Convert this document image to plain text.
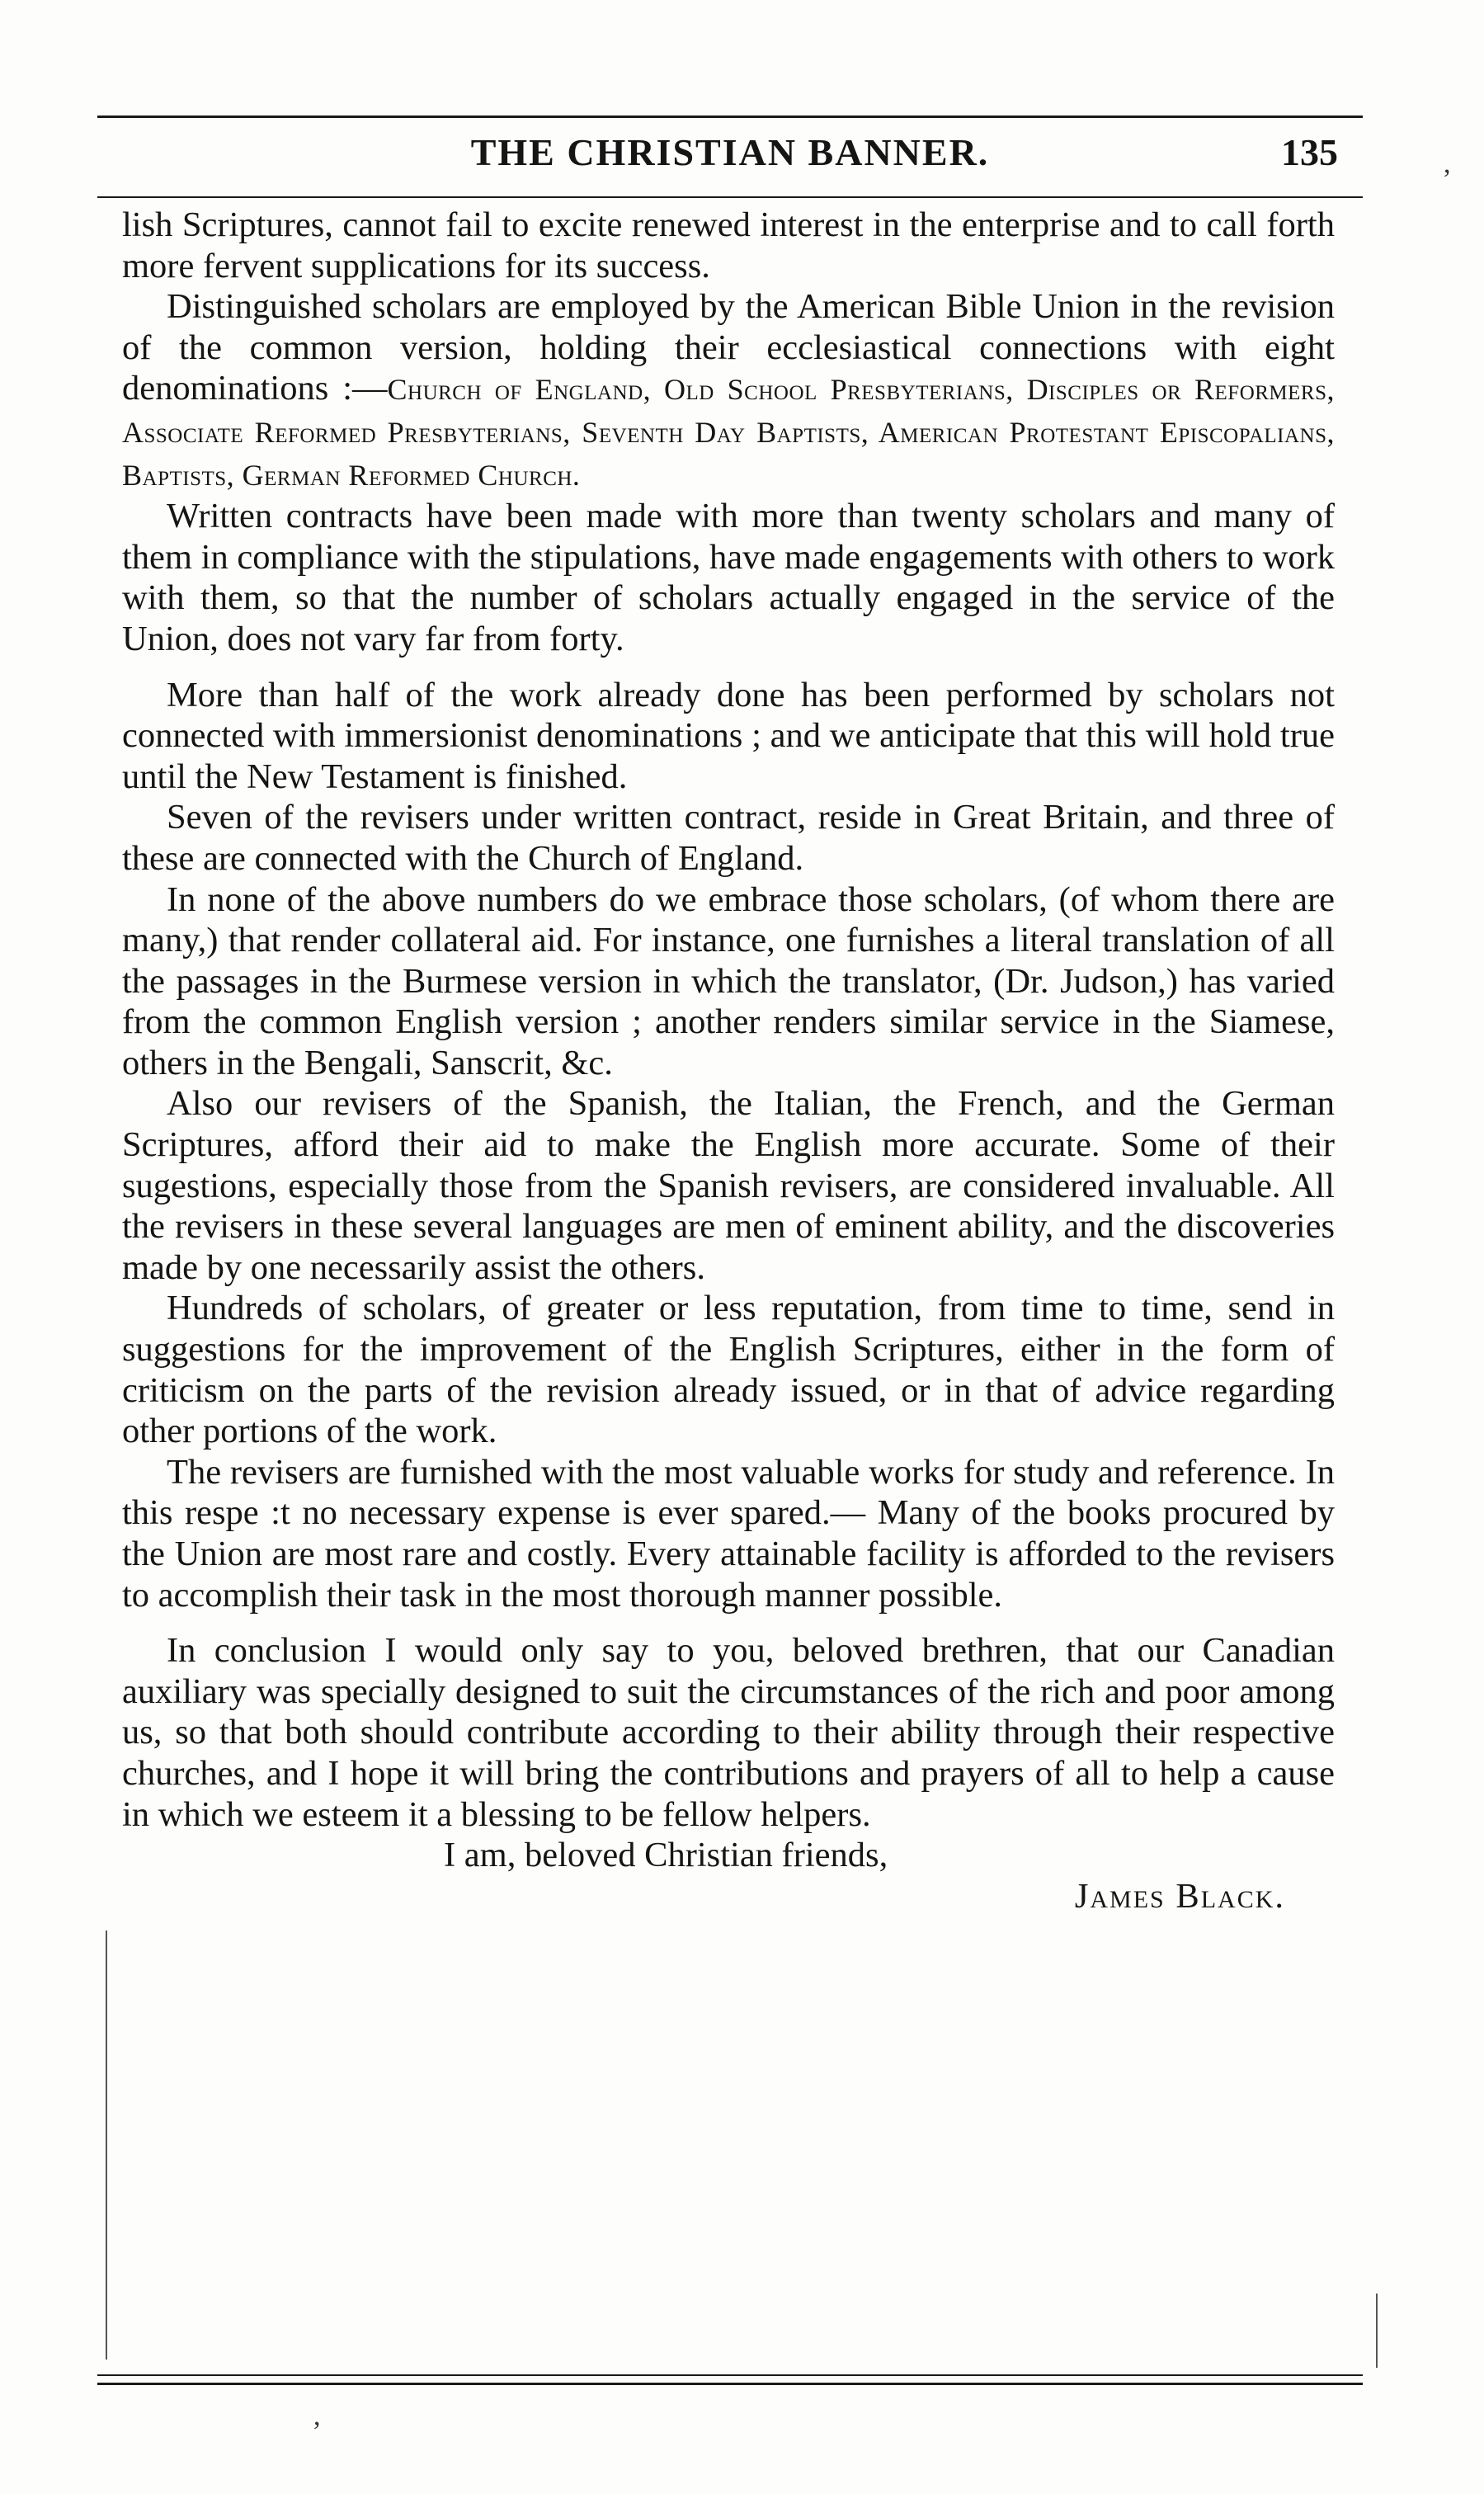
THE CHRISTIAN BANNER.	135

lish Scriptures, cannot fail to excite renewed interest in the enterprise and to call forth more fervent supplications for its success.

Distinguished scholars are employed by the American Bible Union in the revision of the common version, holding their ecclesiastical connections with eight denominations :—Church of England, Old School Presbyterians, Disciples or Reformers, Associate Reformed Presbyterians, Seventh Day Baptists, American Protestant Episcopalians, Baptists, German Reformed Church.

Written contracts have been made with more than twenty scholars and many of them in compliance with the stipulations, have made engagements with others to work with them, so that the number of scholars actually engaged in the service of the Union, does not vary far from forty.

More than half of the work already done has been performed by scholars not connected with immersionist denominations ; and we anticipate that this will hold true until the New Testament is finished.

Seven of the revisers under written contract, reside in Great Britain, and three of these are connected with the Church of England.

In none of the above numbers do we embrace those scholars, (of whom there are many,) that render collateral aid. For instance, one furnishes a literal translation of all the passages in the Burmese version in which the translator, (Dr. Judson,) has varied from the common English version ; another renders similar service in the Siamese, others in the Bengali, Sanscrit, &c.

Also our revisers of the Spanish, the Italian, the French, and the German Scriptures, afford their aid to make the English more accurate. Some of their sugestions, especially those from the Spanish revisers, are considered invaluable. All the revisers in these several languages are men of eminent ability, and the discoveries made by one necessarily assist the others.

Hundreds of scholars, of greater or less reputation, from time to time, send in suggestions for the improvement of the English Scriptures, either in the form of criticism on the parts of the revision already issued, or in that of advice regarding other portions of the work.

The revisers are furnished with the most valuable works for study and reference. In this respe :t no necessary expense is ever spared.— Many of the books procured by the Union are most rare and costly. Every attainable facility is afforded to the revisers to accomplish their task in the most thorough manner possible.

In conclusion I would only say to you, beloved brethren, that our Canadian auxiliary was specially designed to suit the circumstances of the rich and poor among us, so that both should contribute according to their ability through their respective churches, and I hope it will bring the contributions and prayers of all to help a cause in which we esteem it a blessing to be fellow helpers.

I am, beloved Christian friends,

James Black.

,
,
